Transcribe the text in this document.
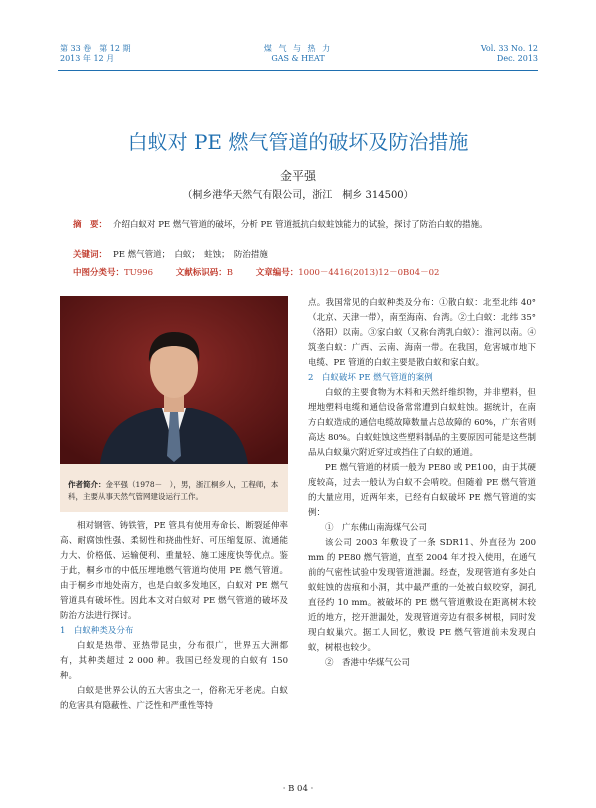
第 33 卷　第 12 期
2013 年 12 月
煤 气 与 热 力
GAS & HEAT
Vol. 33 No. 12
Dec. 2013
白蚁对 PE 燃气管道的破坏及防治措施
金平强
（桐乡港华天然气有限公司，浙江　桐乡 314500）
摘　要： 介绍白蚁对 PE 燃气管道的破坏，分析 PE 管道抵抗白蚁蛀蚀能力的试验，探讨了防治白蚁的措施。
关键词： PE 燃气管道；　白蚁；　蛀蚀；　防治措施
中图分类号：TU996	文献标识码：B	文章编号：1000－4416(2013)12－0B04－02
作者简介：金平强（1978－　），男，浙江桐乡人，工程师，本科，主要从事天然气管网建设运行工作。

相对钢管、铸铁管，PE 管具有使用寿命长、断裂延伸率高、耐腐蚀性强、柔韧性和挠曲性好、可压缩复原、流通能力大、价格低、运输便利、重量轻、施工速度快等优点。鉴于此，桐乡市的中低压埋地燃气管道均使用 PE 燃气管道。由于桐乡市地处南方，也是白蚁多发地区，白蚁对 PE 燃气管道具有破坏性。因此本文对白蚁对 PE 燃气管道的破坏及防治方法进行探讨。

1　白蚁种类及分布

白蚁是热带、亚热带昆虫，分布很广，世界五大洲都有，其种类超过 2 000 种。我国已经发现的白蚁有 150 种。

白蚁是世界公认的五大害虫之一，俗称无牙老虎。白蚁的危害具有隐蔽性、广泛性和严重性等特

点。我国常见的白蚁种类及分布：①散白蚁：北至北纬 40°（北京、天津一带），南至海南、台湾。②土白蚁：北纬 35°（洛阳）以南。③家白蚁（又称台湾乳白蚁）：淮河以南。④筑垄白蚁：广西、云南、海南一带。在我国，危害城市地下电缆、PE 管道的白蚁主要是散白蚁和家白蚁。

2　白蚁破坏 PE 燃气管道的案例

白蚁的主要食物为木料和天然纤维织物，并非塑料，但埋地塑料电缆和通信设备常常遭到白蚁蛀蚀。据统计，在南方白蚁造成的通信电缆故障数量占总故障的 60%，广东省则高达 80%。白蚁蛀蚀这些塑料制品的主要原因可能是这些制品从白蚁巢穴附近穿过或挡住了白蚁的通道。

PE 燃气管道的材质一般为 PE80 或 PE100，由于其硬度较高，过去一般认为白蚁不会啃咬。但随着 PE 燃气管道的大量应用，近两年来，已经有白蚁破坏 PE 燃气管道的实例：

①　广东佛山南海煤气公司

该公司 2003 年敷设了一条 SDR11、外直径为 200 mm 的 PE80 燃气管道，直至 2004 年才投入使用，在通气前的气密性试验中发现管道泄漏。经查，发现管道有多处白蚁蛀蚀的齿痕和小洞，其中最严重的一处被白蚁咬穿，洞孔直径约 10 mm。被破坏的 PE 燃气管道敷设在距离树木较近的地方，挖开泄漏处，发现管道旁边有很多树根，同时发现白蚁巢穴。据工人回忆，敷设 PE 燃气管道前未发现白蚁，树根也较少。

②　香港中华煤气公司

· B 04 ·
